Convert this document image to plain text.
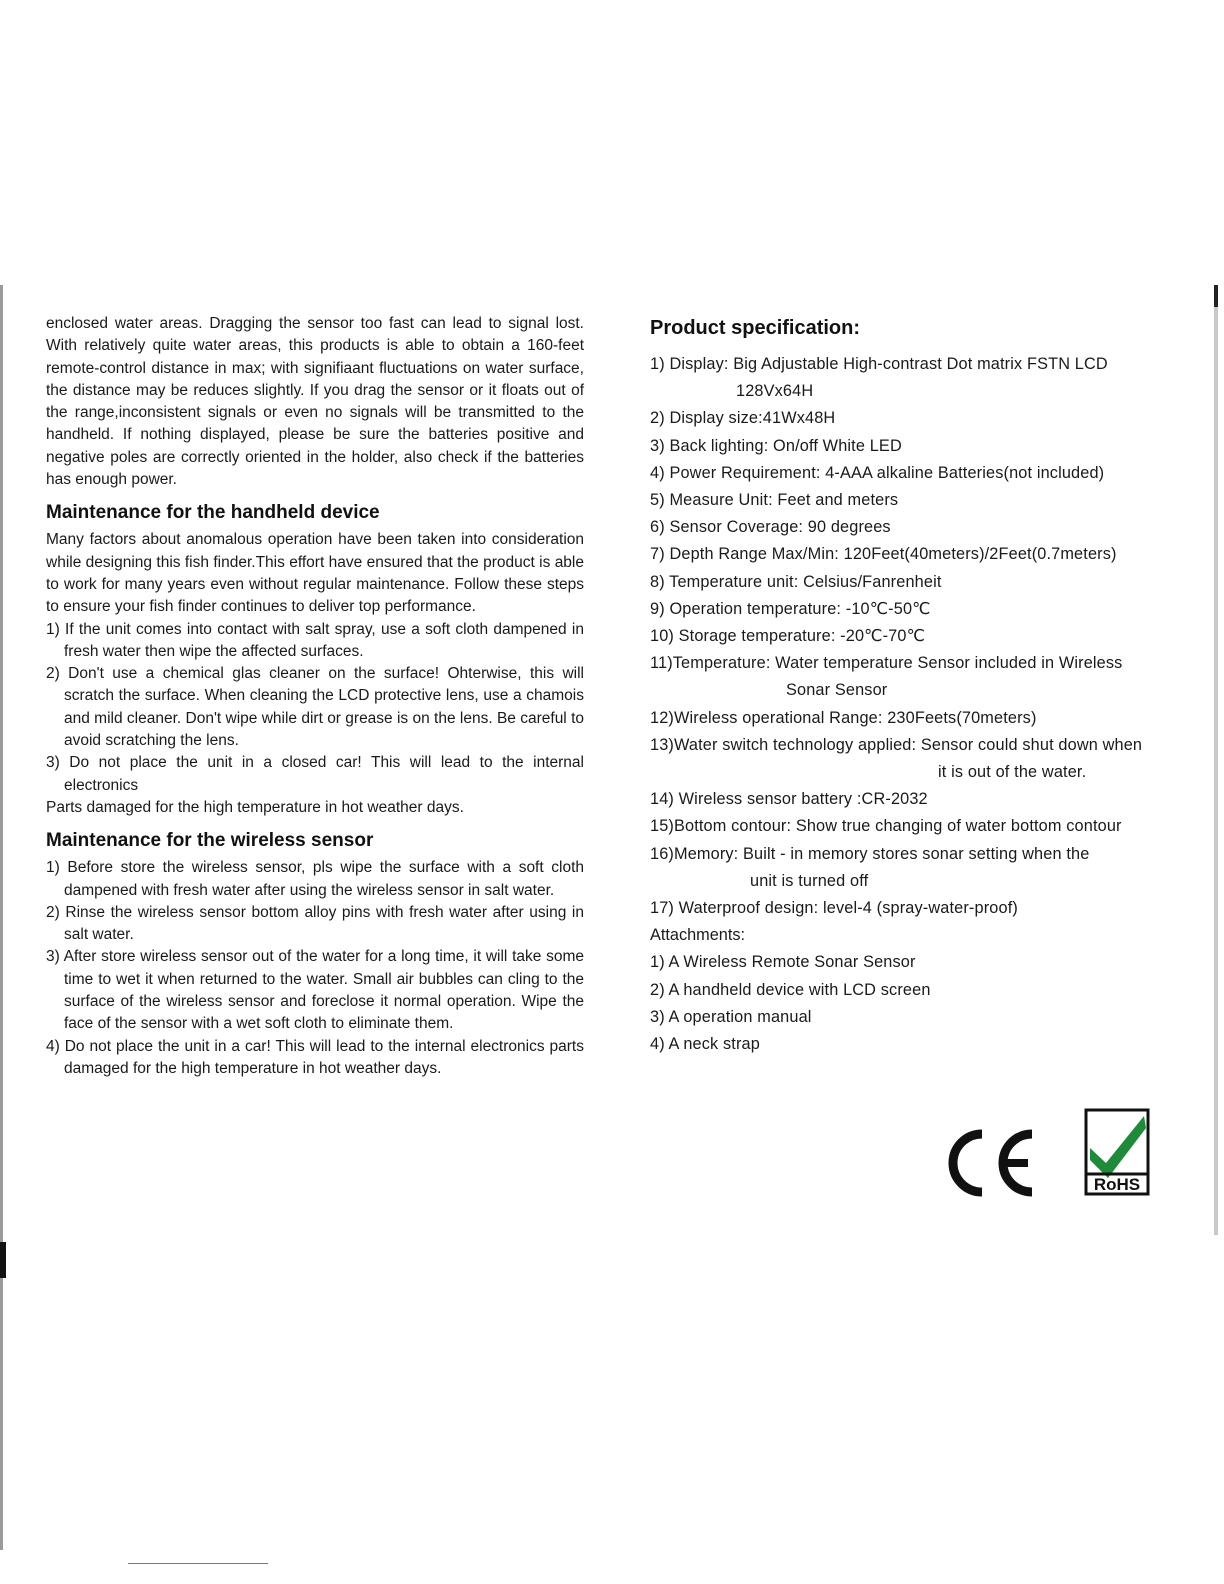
enclosed water areas. Dragging the sensor too fast can lead to signal lost. With relatively quite water areas, this products is able to obtain a 160-feet remote-control distance in max; with signifiaant fluctuations on water surface, the distance may be reduces slightly. If you drag the sensor or it floats out of the range,inconsistent signals or even no signals will be transmitted to the handheld. If nothing displayed, please be sure the batteries positive and negative poles are correctly oriented in the holder, also check if the batteries has enough power.

Maintenance for the handheld device

Many factors about anomalous operation have been taken into consideration while designing this fish finder.This effort have ensured that the product is able to work for many years even without regular maintenance. Follow these steps to ensure your fish finder continues to deliver top performance.

1) If the unit comes into contact with salt spray, use a soft cloth dampened in fresh water then wipe the affected surfaces.
2) Don't use a chemical glas cleaner on the surface! Ohterwise, this will scratch the surface. When cleaning the LCD protective lens, use a chamois and mild cleaner. Don't wipe while dirt or grease is on the lens. Be careful to avoid scratching the lens.
3) Do not place the unit in a closed car! This will lead to the internal electronics

Parts damaged for the high temperature in hot weather days.

Maintenance for the wireless sensor
1) Before store the wireless sensor, pls wipe the surface with a soft cloth dampened with fresh water after using the wireless sensor in salt water.
2) Rinse the wireless sensor bottom alloy pins with fresh water after using in salt water.
3) After store wireless sensor out of the water for a long time, it will take some time to wet it when returned to the water. Small air bubbles can cling to the surface of the wireless sensor and foreclose it normal operation. Wipe the face of the sensor with a wet soft cloth to eliminate them.
4) Do not place the unit in a car! This will lead to the internal electronics parts damaged for the high temperature in hot weather days.
Product specification:
1) Display: Big Adjustable High-contrast Dot matrix FSTN LCD
128Vx64H
2) Display size:41Wx48H
3) Back lighting: On/off White LED
4) Power Requirement: 4-AAA alkaline Batteries(not included)
5) Measure Unit: Feet and meters
6) Sensor Coverage: 90 degrees
7) Depth Range Max/Min: 120Feet(40meters)/2Feet(0.7meters)
8) Temperature unit: Celsius/Fanrenheit
9) Operation temperature: -10℃-50℃
10) Storage temperature: -20℃-70℃
11)Temperature: Water temperature Sensor included in Wireless
Sonar Sensor
12)Wireless operational Range: 230Feets(70meters)
13)Water switch technology applied: Sensor could shut down when
it is out of the water.
14) Wireless sensor battery :CR-2032
15)Bottom contour: Show true changing of water bottom contour
16)Memory: Built - in memory stores sonar setting when the
unit is turned off
17) Waterproof design: level-4 (spray-water-proof)

Attachments:

1) A Wireless Remote Sonar Sensor
2) A handheld device with LCD screen
3) A operation manual
4) A neck strap
RoHS
